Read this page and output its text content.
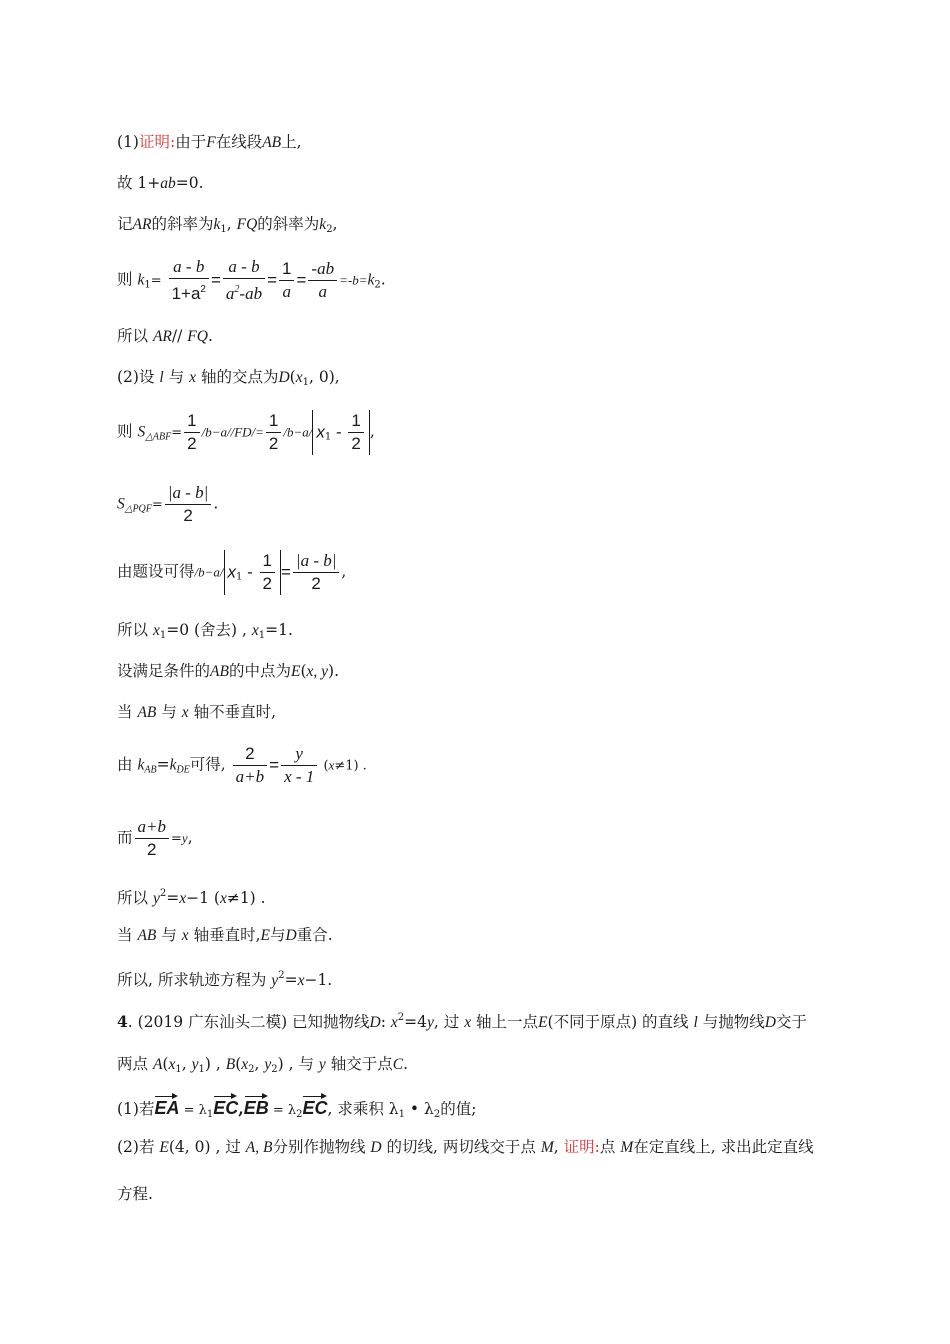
(1)证明:由于F在线段AB上,
故 1+ab=0.
记AR的斜率为$k_1$, FQ的斜率为$k_2$,
则 $k_1= \frac{a - b}{1+a^2} = \frac{a - b}{a^2-ab} = \frac{1}{a} = \frac{-ab}{a} =-b=k_2$.
所以 AR// FQ.
(2)设 l 与 x 轴的交点为$D(x_1$, 0),
则 $S_{\triangle ABF}= \frac{1}{2} /b-a//FD/= \frac{1}{2} /b-a/$ $x_1 - \frac{1}{2}$ ,
$S_{\triangle PQF}= \frac{|a - b|}{2}$ .
由题设可得/b−a/ $x_1 - \frac{1}{2} = \frac{|a - b|}{2}$ ,
所以 $x_1=0$ (舍去) , $x_1=1$.
设满足条件的AB的中点为E(x, y).
当 AB 与 x 轴不垂直时,
由 $k_{AB}=k_{DE}$可得, $\frac{2}{a+b} = \frac{y}{x - 1} (x\ne 1)$ .
而 $\frac{a+b}{2} =y$,
所以 $y^2=x-1$ (x≠1) .
当 AB 与 x 轴垂直时,E与D重合.
所以, 所求轨迹方程为 $y^2=x-1$.
4. (2019 广东汕头二模) 已知抛物线D: $x^2=4y$, 过 x 轴上一点E(不同于原点) 的直线 l 与抛物线D交于
两点 $A(x_1$, $y_1$) , $B(x_2$, $y_2$) , 与 y 轴交于点C.
(1)若EA = $\lambda_1EC,EB = \lambda_2EC$, 求乘积 $\lambda_1$ • $\lambda_2$的值;
(2)若 E(4, 0) , 过 A, B分别作抛物线 D 的切线, 两切线交于点 M, 证明:点 M在定直线上, 求出此定直线
方程.
